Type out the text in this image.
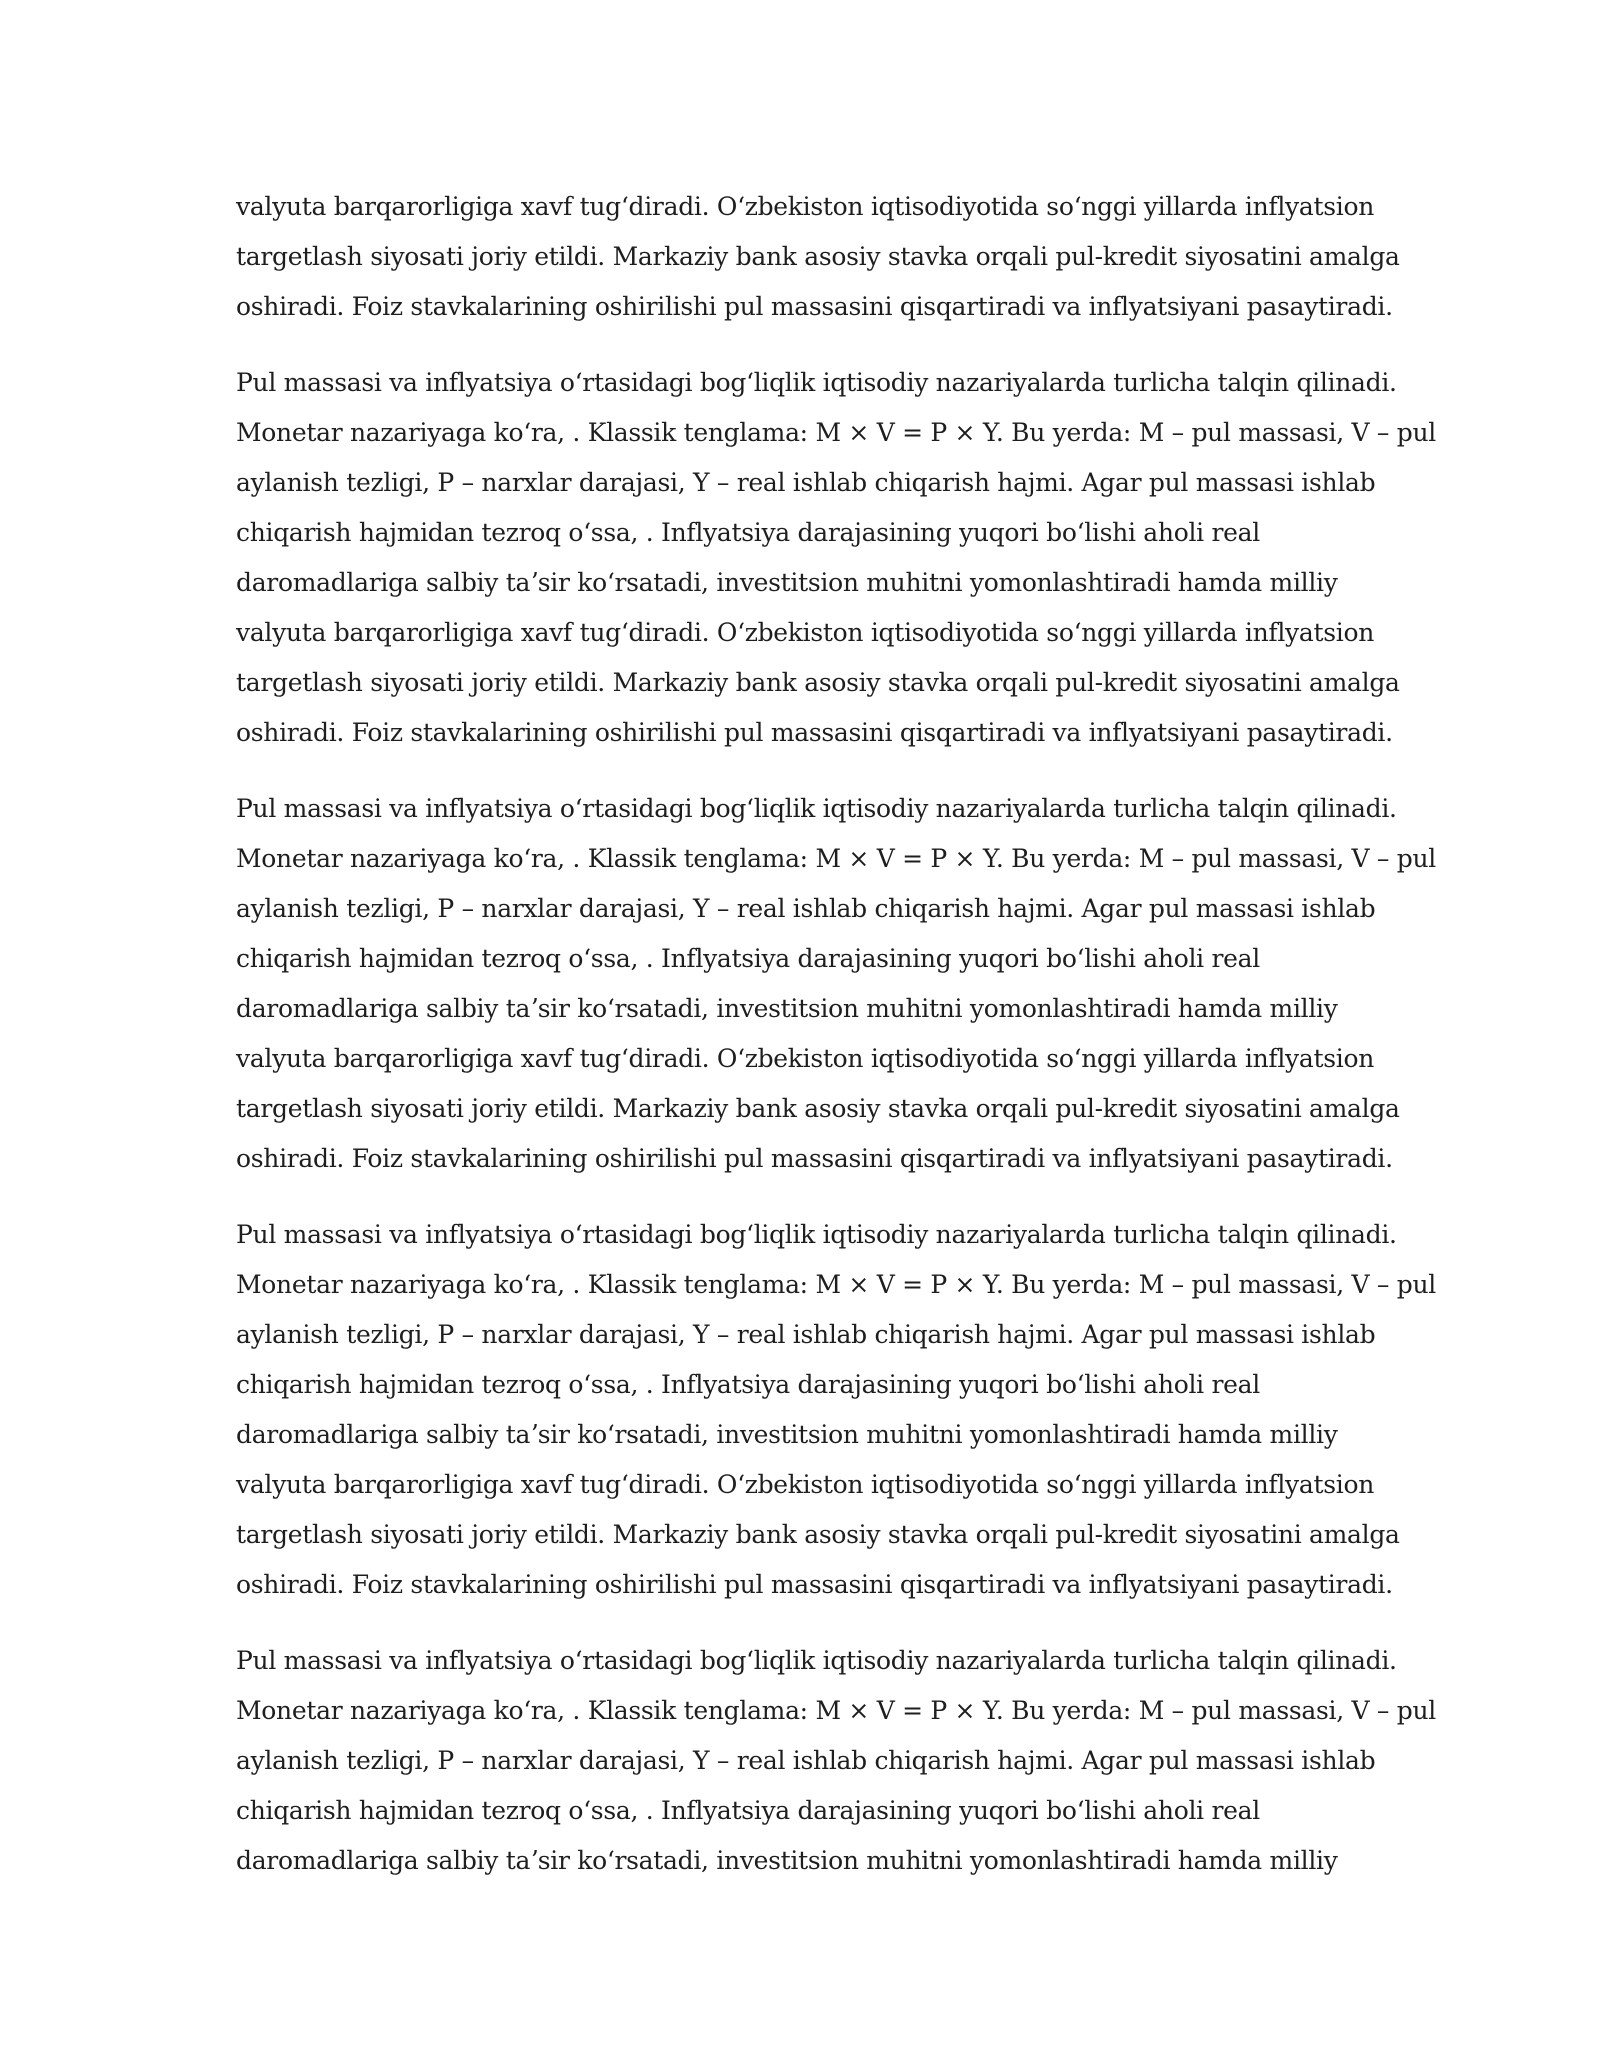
valyuta barqarorligiga xavf tugʻdiradi. Oʻzbekiston iqtisodiyotida soʻnggi yillarda inflyatsion
targetlash siyosati joriy etildi. Markaziy bank asosiy stavka orqali pul-kredit siyosatini amalga
oshiradi. Foiz stavkalarining oshirilishi pul massasini qisqartiradi va inflyatsiyani pasaytiradi.

Pul massasi va inflyatsiya oʻrtasidagi bogʻliqlik iqtisodiy nazariyalarda turlicha talqin qilinadi.
Monetar nazariyaga koʻra, . Klassik tenglama: M × V = P × Y. Bu yerda: M – pul massasi, V – pul
aylanish tezligi, P – narxlar darajasi, Y – real ishlab chiqarish hajmi. Agar pul massasi ishlab
chiqarish hajmidan tezroq oʻssa, . Inflyatsiya darajasining yuqori boʻlishi aholi real
daromadlariga salbiy taʼsir koʻrsatadi, investitsion muhitni yomonlashtiradi hamda milliy
valyuta barqarorligiga xavf tugʻdiradi. Oʻzbekiston iqtisodiyotida soʻnggi yillarda inflyatsion
targetlash siyosati joriy etildi. Markaziy bank asosiy stavka orqali pul-kredit siyosatini amalga
oshiradi. Foiz stavkalarining oshirilishi pul massasini qisqartiradi va inflyatsiyani pasaytiradi.

Pul massasi va inflyatsiya oʻrtasidagi bogʻliqlik iqtisodiy nazariyalarda turlicha talqin qilinadi.
Monetar nazariyaga koʻra, . Klassik tenglama: M × V = P × Y. Bu yerda: M – pul massasi, V – pul
aylanish tezligi, P – narxlar darajasi, Y – real ishlab chiqarish hajmi. Agar pul massasi ishlab
chiqarish hajmidan tezroq oʻssa, . Inflyatsiya darajasining yuqori boʻlishi aholi real
daromadlariga salbiy taʼsir koʻrsatadi, investitsion muhitni yomonlashtiradi hamda milliy
valyuta barqarorligiga xavf tugʻdiradi. Oʻzbekiston iqtisodiyotida soʻnggi yillarda inflyatsion
targetlash siyosati joriy etildi. Markaziy bank asosiy stavka orqali pul-kredit siyosatini amalga
oshiradi. Foiz stavkalarining oshirilishi pul massasini qisqartiradi va inflyatsiyani pasaytiradi.

Pul massasi va inflyatsiya oʻrtasidagi bogʻliqlik iqtisodiy nazariyalarda turlicha talqin qilinadi.
Monetar nazariyaga koʻra, . Klassik tenglama: M × V = P × Y. Bu yerda: M – pul massasi, V – pul
aylanish tezligi, P – narxlar darajasi, Y – real ishlab chiqarish hajmi. Agar pul massasi ishlab
chiqarish hajmidan tezroq oʻssa, . Inflyatsiya darajasining yuqori boʻlishi aholi real
daromadlariga salbiy taʼsir koʻrsatadi, investitsion muhitni yomonlashtiradi hamda milliy
valyuta barqarorligiga xavf tugʻdiradi. Oʻzbekiston iqtisodiyotida soʻnggi yillarda inflyatsion
targetlash siyosati joriy etildi. Markaziy bank asosiy stavka orqali pul-kredit siyosatini amalga
oshiradi. Foiz stavkalarining oshirilishi pul massasini qisqartiradi va inflyatsiyani pasaytiradi.

Pul massasi va inflyatsiya oʻrtasidagi bogʻliqlik iqtisodiy nazariyalarda turlicha talqin qilinadi.
Monetar nazariyaga koʻra, . Klassik tenglama: M × V = P × Y. Bu yerda: M – pul massasi, V – pul
aylanish tezligi, P – narxlar darajasi, Y – real ishlab chiqarish hajmi. Agar pul massasi ishlab
chiqarish hajmidan tezroq oʻssa, . Inflyatsiya darajasining yuqori boʻlishi aholi real
daromadlariga salbiy taʼsir koʻrsatadi, investitsion muhitni yomonlashtiradi hamda milliy
